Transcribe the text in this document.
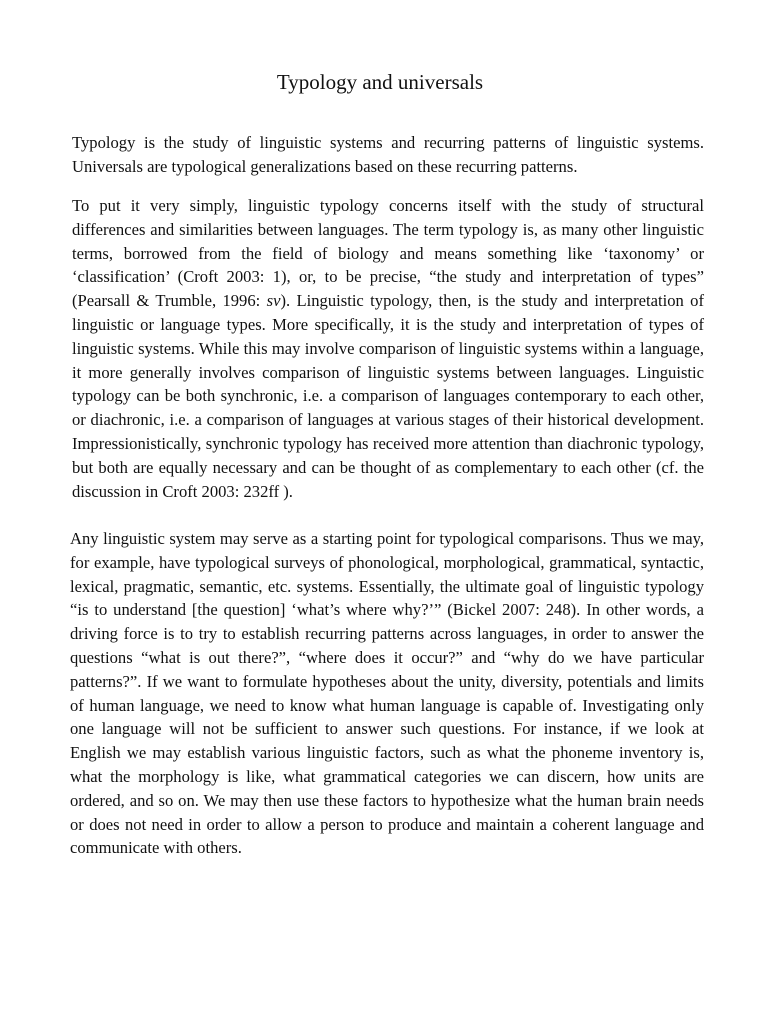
Typology and universals

Typology is the study of linguistic systems and recurring patterns of linguistic systems. Universals are typological generalizations based on these recurring patterns.

To put it very simply, linguistic typology concerns itself with the study of structural differences and similarities between languages. The term typology is, as many other linguistic terms, borrowed from the field of biology and means something like ‘taxonomy’ or ‘classification’ (Croft 2003: 1), or, to be precise, “the study and interpretation of types” (Pearsall & Trumble, 1996: sv). Linguistic typology, then, is the study and interpretation of linguistic or language types. More specifically, it is the study and interpretation of types of linguistic systems. While this may involve comparison of linguistic systems within a language, it more generally involves comparison of linguistic systems between languages. Linguistic typology can be both synchronic, i.e. a comparison of languages contemporary to each other, or diachronic, i.e. a comparison of languages at various stages of their historical development. Impressionistically, synchronic typology has received more attention than diachronic typology, but both are equally necessary and can be thought of as complementary to each other (cf. the discussion in Croft 2003: 232ff ).

Any linguistic system may serve as a starting point for typological comparisons. Thus we may, for example, have typological surveys of phonological, morphological, grammatical, syntactic, lexical, pragmatic, semantic, etc. systems. Essentially, the ultimate goal of linguistic typology “is to understand [the question] ‘what’s where why?’” (Bickel 2007: 248). In other words, a driving force is to try to establish recurring patterns across languages, in order to answer the questions “what is out there?”, “where does it occur?” and “why do we have particular patterns?”. If we want to formulate hypotheses about the unity, diversity, potentials and limits of human language, we need to know what human language is capable of. Investigating only one language will not be sufficient to answer such questions. For instance, if we look at English we may establish various linguistic factors, such as what the phoneme inventory is, what the morphology is like, what grammatical categories we can discern, how units are ordered, and so on. We may then use these factors to hypothesize what the human brain needs or does not need in order to allow a person to produce and maintain a coherent language and communicate with others.
